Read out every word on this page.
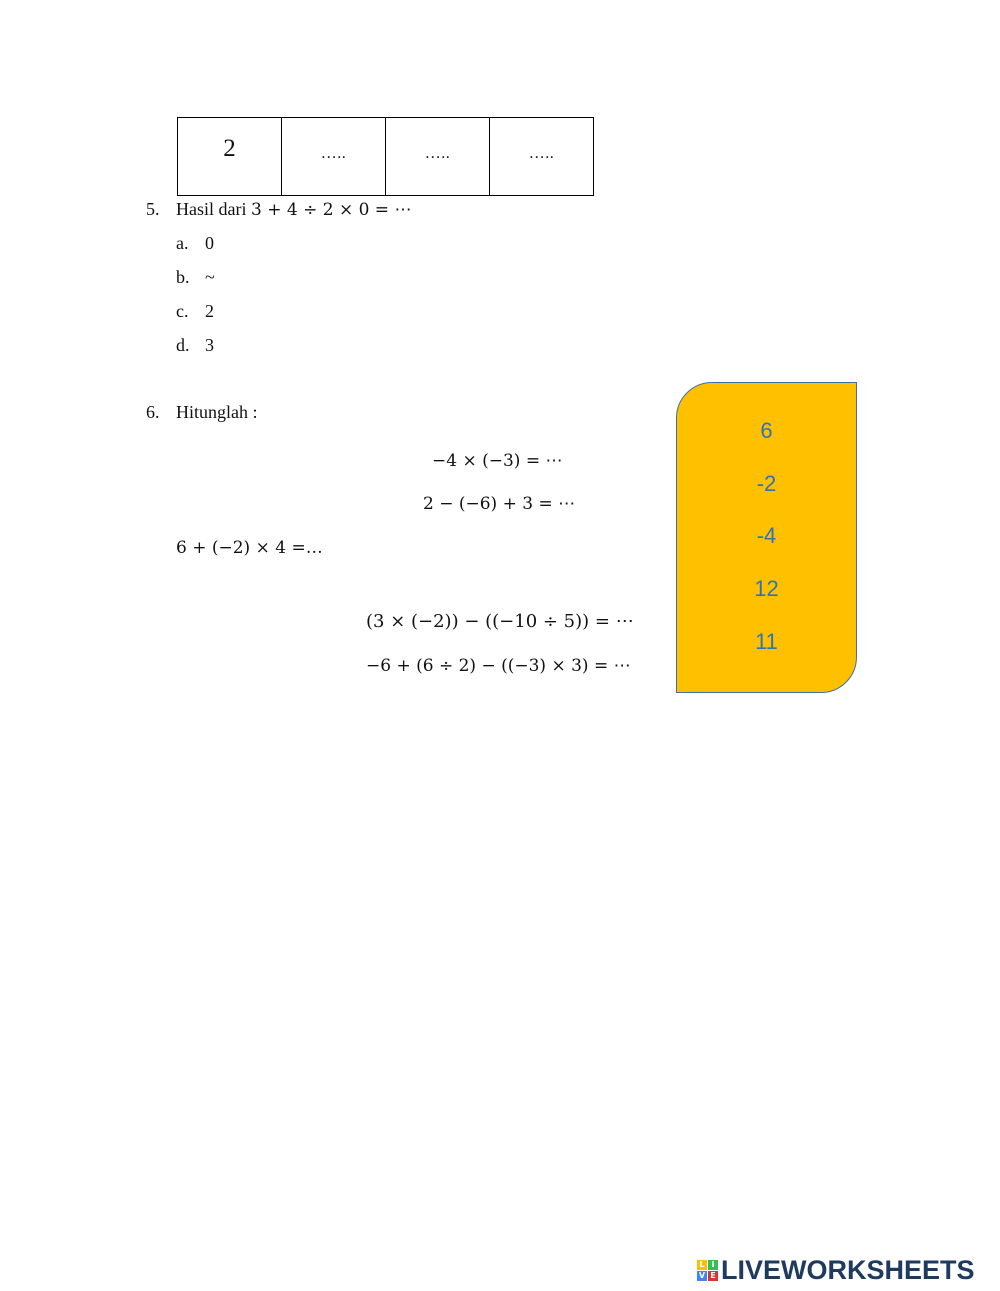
2	…..	…..	…..
5. Hasil dari 3 + 4 ÷ 2 × 0 = ⋯
a. 0
b. ~
c. 2
d. 3
6. Hitunglah :
−4 × (−3) = ⋯
2 − (−6) + 3 = ⋯
6 + (−2) × 4 =…
(3 × (−2)) − ((−10 ÷ 5)) = ⋯
−6 + (6 ÷ 2) − ((−3) × 3) = ⋯
6
-2
-4
12
11
L I
V E LIVEWORKSHEETS
